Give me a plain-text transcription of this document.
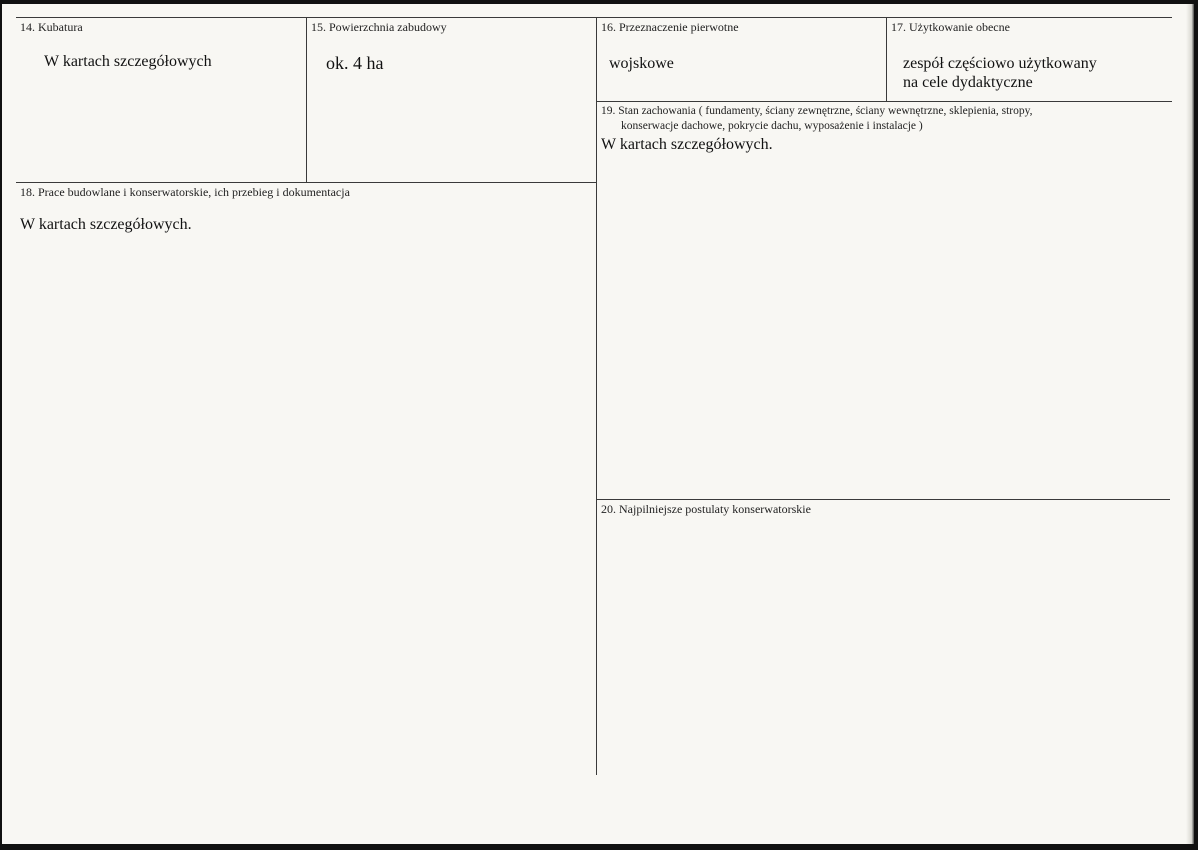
14. Kubatura
W kartach szczegółowych
15. Powierzchnia zabudowy
ok. 4 ha
16. Przeznaczenie pierwotne
wojskowe
17. Użytkowanie obecne
zespół częściowo użytkowany
na cele dydaktyczne
19. Stan zachowania ( fundamenty, ściany zewnętrzne, ściany wewnętrzne, sklepienia, stropy,
konserwacje dachowe, pokrycie dachu, wyposażenie i instalacje )
W kartach szczegółowych.
18. Prace budowlane i konserwatorskie, ich przebieg i dokumentacja
W kartach szczegółowych.
20. Najpilniejsze postulaty konserwatorskie
